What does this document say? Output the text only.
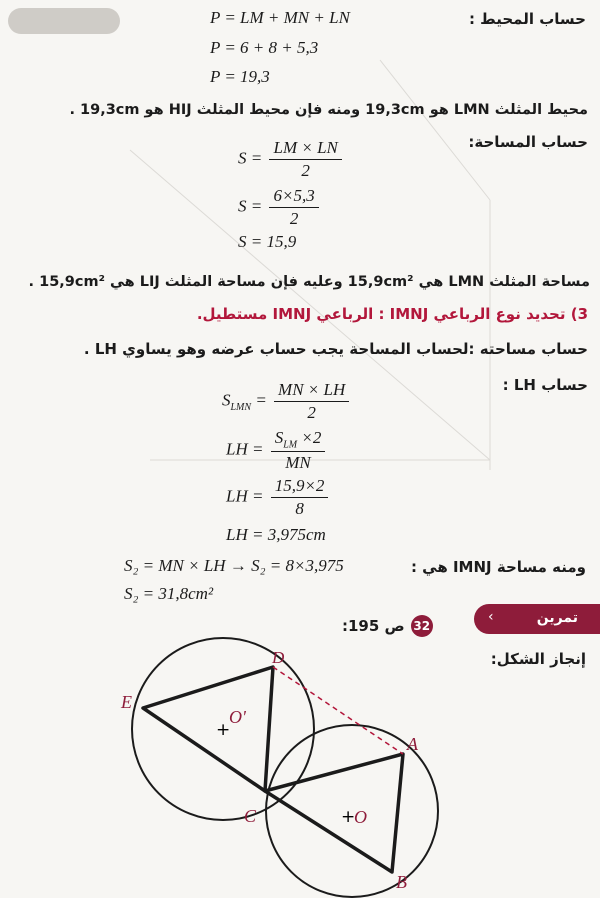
حساب المحيط :
P = LM + MN + LN
P = 6 + 8 + 5,3
P = 19,3
محيط المثلث LMN هو 19,3cm ومنه فإن محيط المثلث HIJ هو 19,3cm .
حساب المساحة:
$S = \frac{LM \times LN}{2}$
$S = \frac{6\times 5,3}{2}$
S = 15,9
مساحة المثلث LMN هي 15,9cm² وعليه فإن مساحة المثلث LIJ هي 15,9cm² .
3) تحديد نوع الرباعي IMNJ : الرباعي IMNJ مستطيل.
حساب مساحته :لحساب المساحة يجب حساب عرضه وهو يساوي LH .
حساب LH :
$S_{LMN} = \frac{MN \times LH}{2}$
LH = $\frac{S_{LM} \times 2}{MN}$
LH = $\frac{15,9\times 2}{8}$
LH = 3,975cm
ومنه مساحة IMNJ هي :
S₂ = MN × LH → S₂ = 8×3,975
S₂ = 31,8cm²
‹	تمرين
32
ص 195:
إنجاز الشكل:
+
+
D
E
O'
A
C	O
B
